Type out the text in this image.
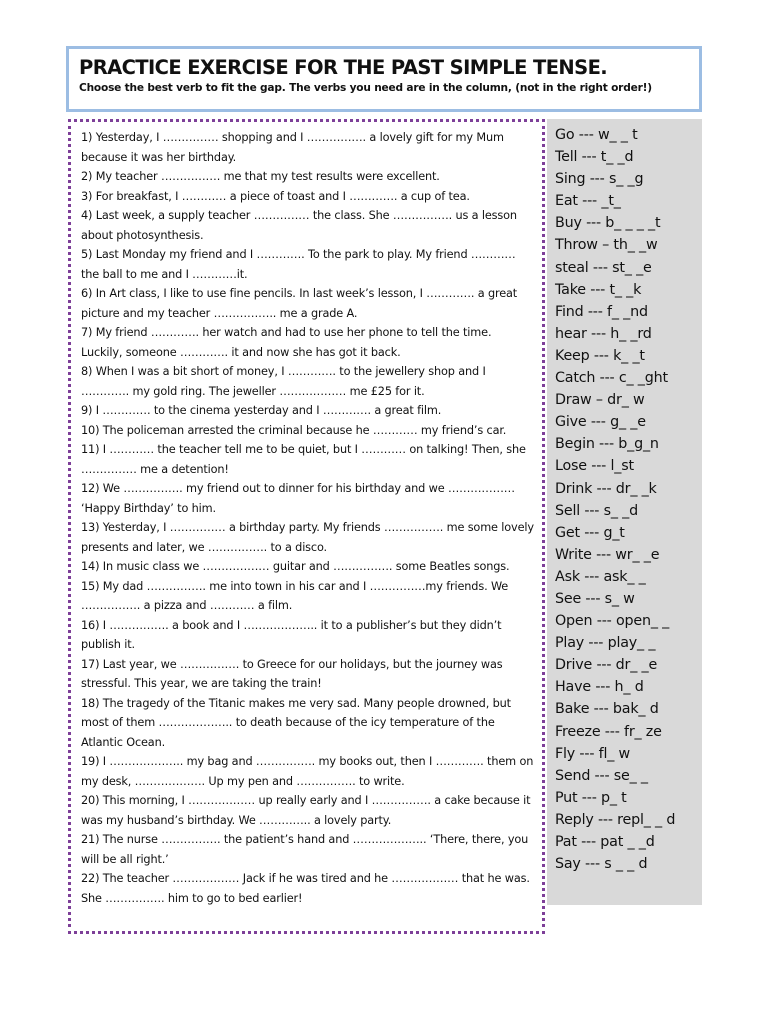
PRACTICE EXERCISE FOR THE PAST SIMPLE TENSE.
Choose the best verb to fit the gap. The verbs you need are in the column, (not in the right order!)
1) Yesterday, I …………… shopping and I ……………. a lovely gift for my Mum because it was her birthday.
2) My teacher ……………. me that my test results were excellent.
3) For breakfast, I ………… a piece of toast and I …………. a cup of tea.
4) Last week, a supply teacher …………… the class. She ……………. us a lesson about photosynthesis.
5) Last Monday my friend and I …………. To the park to play. My friend ………… the ball to me and I …………it.
6) In Art class, I like to use fine pencils. In last week’s lesson, I …………. a great picture and my teacher …………….. me a grade A.
7) My friend …………. her watch and had to use her phone to tell the time. Luckily, someone …………. it and now she has got it back.
8) When I was a bit short of money, I …………. to the jewellery shop and I …………. my gold ring. The jeweller ……………… me £25 for it.
9) I …………. to the cinema yesterday and I …………. a great film.
10) The policeman arrested the criminal because he ………… my friend’s car.
11) I ………… the teacher tell me to be quiet, but I ………… on talking! Then, she …………… me a detention!
12) We ……………. my friend out to dinner for his birthday and we ……………… ‘Happy Birthday’ to him.
13) Yesterday, I …………… a birthday party. My friends ……………. me some lovely presents and later, we ……………. to a disco.
14) In music class we ……………… guitar and ……………. some Beatles songs.
15) My dad ……………. me into town in his car and I ……………my friends. We ……………. a pizza and ………… a film.
16) I ……………. a book and I ……………….. it to a publisher’s but they didn’t publish it.
17) Last year, we ……………. to Greece for our holidays, but the journey was stressful. This year, we are taking the train!
18) The tragedy of the Titanic makes me very sad. Many people drowned, but most of them ……………….. to death because of the icy temperature of the Atlantic Ocean.
19) I ……………….. my bag and ……………. my books out, then I …………. them on my desk, ………………. Up my pen and ……………. to write.
20) This morning, I ……………… up really early and I ……………. a cake because it was my husband’s birthday. We ………….. a lovely party.
21) The nurse ……………. the patient’s hand and ……………….. ‘There, there, you will be all right.’
22) The teacher ……………… Jack if he was tired and he ……………… that he was. She ……………. him to go to bed earlier!
Go --- w_ _ t
Tell --- t_ _d
Sing --- s_ _g
Eat --- _t_
Buy --- b_ _ _ _t
Throw – th_ _w
steal --- st_ _e
Take --- t_ _k
Find --- f_ _nd
hear --- h_ _rd
Keep --- k_ _t
Catch --- c_ _ght
Draw – dr_ w
Give --- g_ _e
Begin --- b_g_n
Lose --- l_st
Drink --- dr_ _k
Sell --- s_ _d
Get --- g_t
Write --- wr_ _e
Ask --- ask_ _
See --- s_ w
Open --- open_ _
Play --- play_ _
Drive --- dr_ _e
Have --- h_ d
Bake --- bak_ d
Freeze --- fr_ ze
Fly --- fl_ w
Send --- se_ _
Put --- p_ t
Reply --- repl_ _ d
Pat --- pat _ _d
Say --- s _ _ d
